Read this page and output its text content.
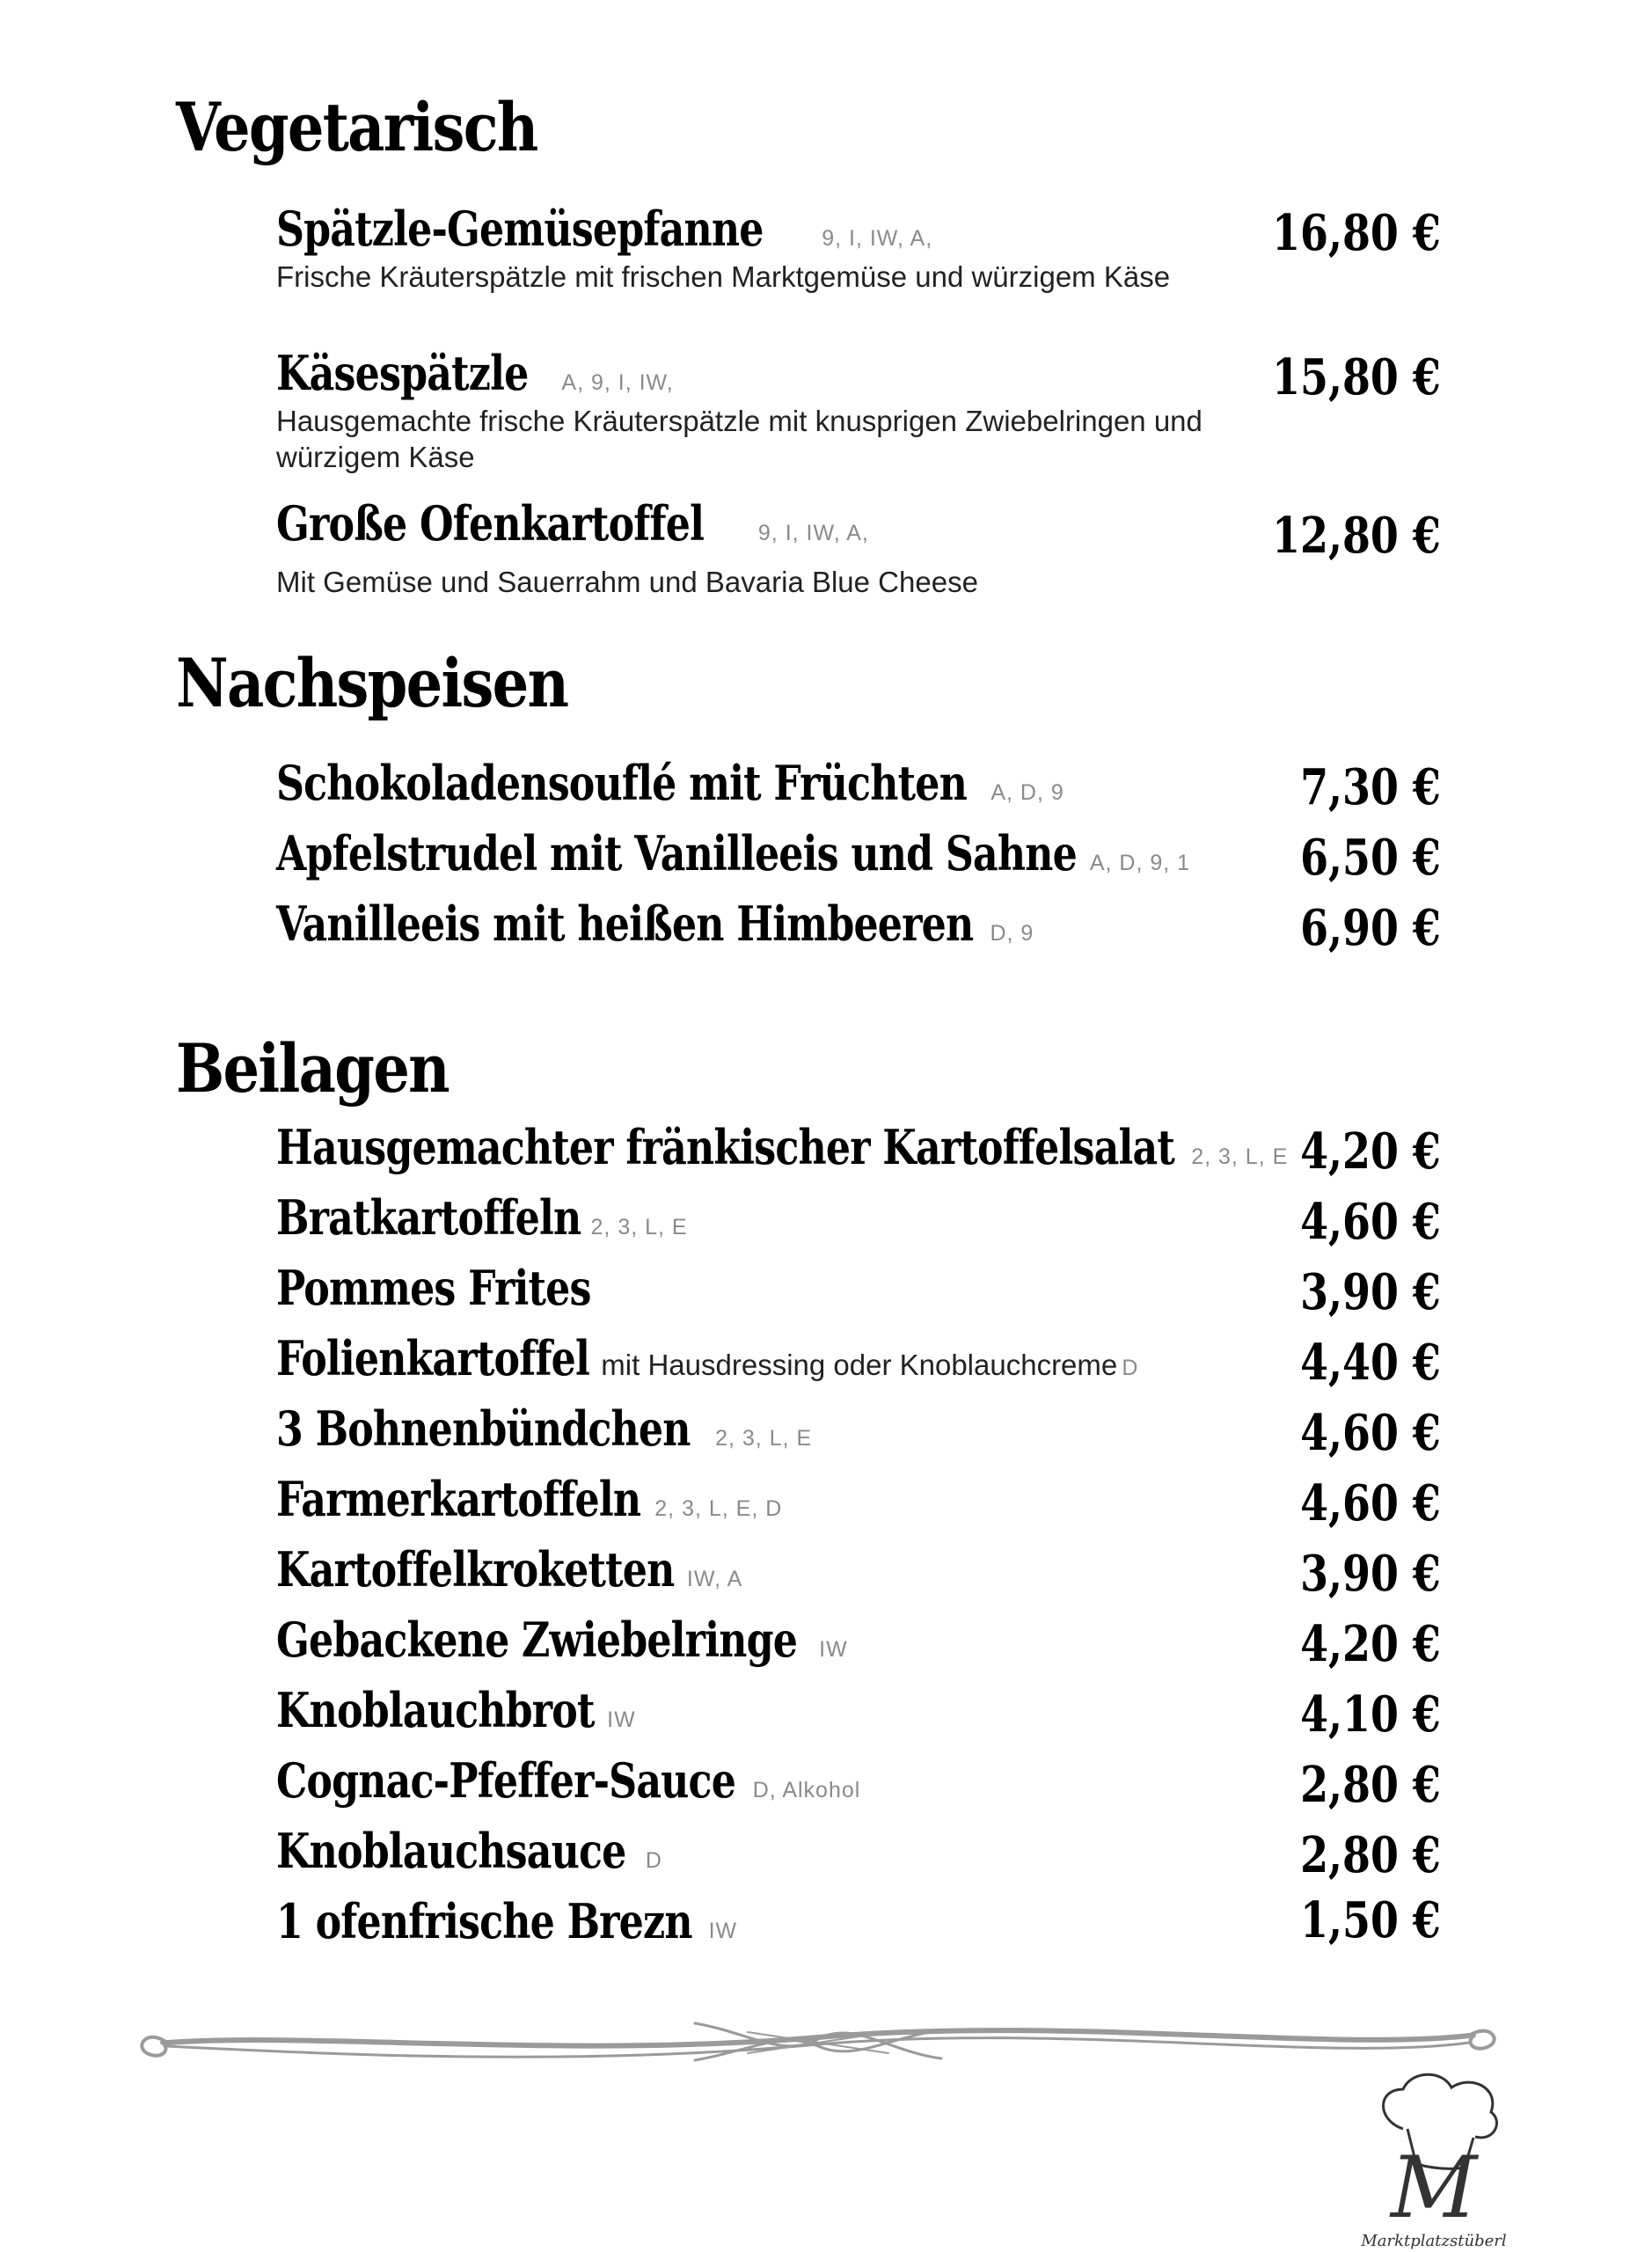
Vegetarisch
Spätzle-Gemüsepfanne	9, I, IW, A,
Frische Kräuterspätzle mit frischen Marktgemüse und würzigem Käse
16,80 €
Käsespätzle A, 9, I, IW,
Hausgemachte frische Kräuterspätzle mit knusprigen Zwiebelringen und würzigem Käse
15,80 €
Große Ofenkartoffel 9, I, IW, A,
Mit Gemüse und Sauerrahm und Bavaria Blue Cheese
12,80 €
Nachspeisen
Schokoladensouflé mit Früchten A, D, 9	7,30 €
Apfelstrudel mit Vanilleeis und Sahne A, D, 9, 1 6,50 €
Vanilleeis mit heißen Himbeeren D, 9	6,90 €
Beilagen
Hausgemachter fränkischer Kartoffelsalat 2, 3, L, E 4,20 €
Bratkartoffeln 2, 3, L, E	4,60 €
Pommes Frites	3,90 €
Folienkartoffel mit Hausdressing oder Knoblauchcreme D	4,40 €
3 Bohnenbündchen 2, 3, L, E	4,60 €
Farmerkartoffeln 2, 3, L, E, D	4,60 €
Kartoffelkroketten IW, A	3,90 €
Gebackene Zwiebelringe IW	4,20 €
Knoblauchbrot IW	4,10 €
Cognac-Pfeffer-Sauce D, Alkohol	2,80 €
Knoblauchsauce D	2,80 €
1 ofenfrische Brezn IW	1,50 €
M
Marktplatzstüberl
